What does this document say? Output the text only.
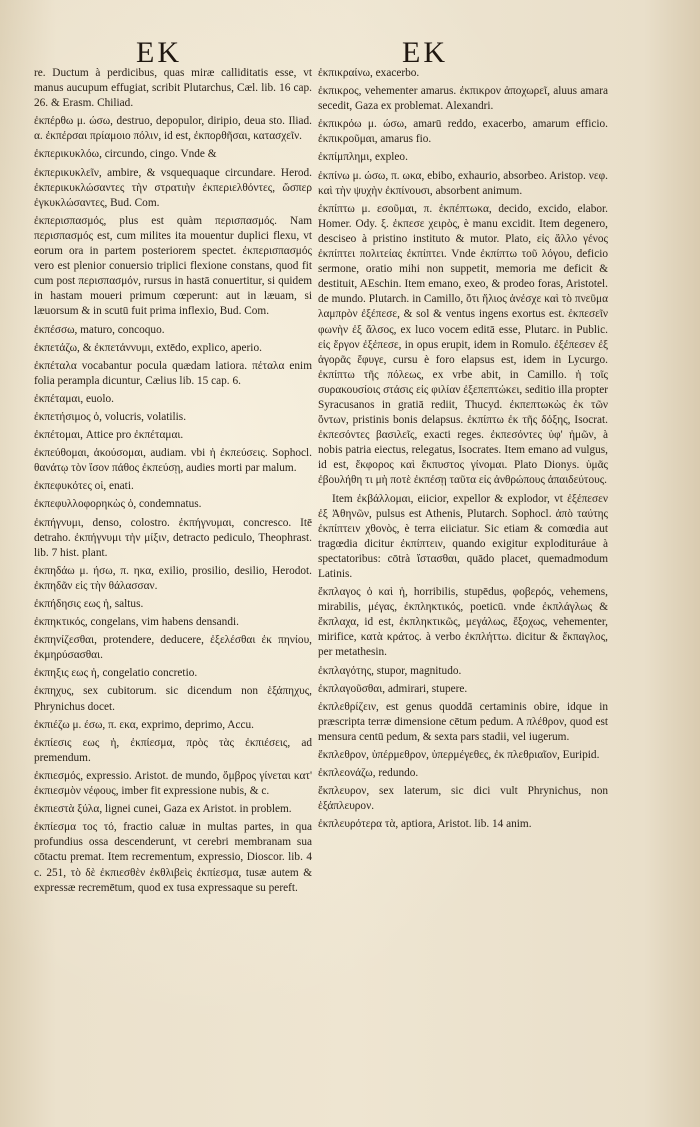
EK	EK

re. Ductum à perdicibus, quas miræ calliditatis esse, vt manus aucupum effugiat, scribit Plutarchus, Cæl. lib. 16 cap. 26. & Erasm. Chiliad.

ἐκπέρθω μ. ώσω, destruo, depopulor, diripio, deua sto. Iliad. α. ἐκπέρσαι πρίαμοιο πόλιν, id est, ἐκπορθῆσαι, κατασχεῖν.

ἐκπερικυκλόω, circundo, cingo. Vnde &

ἐκπερικυκλεῖν, ambire, & vsquequaque circundare. Herod. ἐκπερικυκλώσαντες τὴν στρατιὴν ἐκπεριελθόντες, ὥσπερ ἐγκυκλώσαντες, Bud. Com.

ἐκπερισπασμός, plus est quàm περισπασμός. Nam περισπασμός est, cum milites ita mouentur duplici flexu, vt eorum ora in partem posteriorem spectet. ἐκπερισπασμός vero est plenior conuersio triplici flexione constans, quod fit cum post περισπασμόν, rursus in hastā conuertitur, si quidem in hastam moueri primum cœperunt: aut in læuam, si læuorsum & in scutū fuit prima inflexio, Bud. Com.

ἐκπέσσω, maturo, concoquo.

ἐκπετάζω, & ἐκπετάννυμι, extēdo, explico, aperio.

ἐκπέταλα vocabantur pocula quædam latiora. πέταλα enim folia perampla dicuntur, Cælius lib. 15 cap. 6.

ἐκπέταμαι, euolo.

ἐκπετήσιμος ὁ, volucris, volatilis.

ἐκπέτομαι, Attice pro ἐκπέταμαι.

ἐκπεύθομαι, ἀκούσομαι, audiam. vbi ἡ ἐκπεύσεις. Sophocl. θανάτῳ τὸν ἴσον πάθος ἐκπεύσῃ, audies morti par malum.

ἐκπεφυκότες οἱ, enati.

ἐκπεφυλλοφορηκὼς ὁ, condemnatus.

ἐκπήγνυμι, denso, colostro. ἐκπήγνυμαι, concresco. Itē detraho. ἐκπήγνυμι τὴν μίξιν, detracto pediculo, Theophrast. lib. 7 hist. plant.

ἐκπηδάω μ. ήσω, π. ηκα, exilio, prosilio, desilio, Herodot. ἐκπηδᾶν εἰς τὴν θάλασσαν.

ἐκπήδησις εως ἡ, saltus.

ἐκπηκτικός, congelans, vim habens densandi.

ἐκπηνίζεσθαι, protendere, deducere, ἐξελέσθαι ἐκ πηνίου, ἐκμηρύσασθαι.

ἐκπηξις εως ἡ, congelatio concretio.

ἐκπηχυς, sex cubitorum. sic dicendum non ἑξάπηχυς, Phrynichus docet.

ἐκπιέζω μ. έσω, π. εκα, exprimo, deprimo, Accu.

ἐκπίεσις εως ἡ, ἐκπίεσμα, πρὸς τὰς ἐκπιέσεις, ad premendum.

ἐκπιεσμός, expressio. Aristot. de mundo, ὄμβρος γίνεται κατ' ἐκπιεσμὸν νέφους, imber fit expressione nubis, & c.

ἐκπιεστὰ ξύλα, lignei cunei, Gaza ex Aristot. in problem.

ἐκπίεσμα τος τό, fractio caluæ in multas partes, in qua profundius ossa descenderunt, vt cerebri membranam sua cōtactu premat. Item recrementum, expressio, Dioscor. lib. 4 c. 251, τὸ δὲ ἐκπιεσθὲν ἐκθλιβεὶς ἐκπίεσμα, tusæ autem & expressæ recremētum, quod ex tusa expressaque su pereft.

ἐκπικραίνω, exacerbo.

ἐκπικρος, vehementer amarus. ἐκπικρον ἀποχωρεῖ, aluus amara secedit, Gaza ex problemat. Alexandri.

ἐκπικρόω μ. ώσω, amarū reddo, exacerbo, amarum efficio. ἐκπικροῦμαι, amarus fio.

ἐκπίμπλημι, expleo.

ἐκπίνω μ. ώσω, π. ωκα, ebibo, exhaurio, absorbeo. Aristop. νεφ. καὶ τὴν ψυχὴν ἐκπίνουσι, absorbent animum.

ἐκπίπτω μ. εσοῦμαι, π. ἐκπέπτωκα, decido, excido, elabor. Homer. Ody. ξ. ἐκπεσε χειρὸς, è manu excidit. Item degenero, desciseo à pristino instituto & mutor. Plato, εἰς ἄλλο γένος ἐκπίπτει πολιτείας ἐκπίπτει. Vnde ἐκπίπτω τοῦ λόγου, deficio sermone, oratio mihi non suppetit, memoria me deficit & destituit, AEschin. Item emano, exeo, & prodeo foras, Aristotel. de mundo. Plutarch. in Camillo, ὅτι ἥλιος ἀνέσχε καὶ τὸ πνεῦμα λαμπρὸν ἐξέπεσε, & sol & ventus ingens exortus est. ἐκπεσεῖν φωνὴν ἐξ ἄλσος, ex luco vocem editā esse, Plutarc. in Public. εἰς ἔργον ἐξέπεσε, in opus erupit, idem in Romulo. ἐξέπεσεν ἐξ ἀγορᾶς ἔφυγε, cursu è foro elapsus est, idem in Lycurgo. ἐκπίπτω τῆς πόλεως, ex vrbe abit, in Camillo. ἡ τοῖς συρακουσίοις στάσις εἰς φιλίαν ἐξεπεπτώκει, seditio illa propter Syracusanos in gratiā rediit, Thucyd. ἐκπεπτωκὼς ἐκ τῶν ὄντων, pristinis bonis delapsus. ἐκπίπτω ἐκ τῆς δόξης, Isocrat. ἐκπεσόντες βασιλεῖς, exacti reges. ἐκπεσόντες ὑφ' ἡμῶν, à nobis patria eiectus, relegatus, Isocrates. Item emano ad vulgus, id est, ἔκφορος καὶ ἔκπυστος γίνομαι. Plato Dionys. ὑμᾶς ἐβουλήθη τι μὴ ποτὲ ἐκπέσῃ ταῦτα εἰς ἀνθρώπους ἀπαιδεύτους.

Item ἐκβάλλομαι, eiicior, expellor & explodor, vt ἐξέπεσεν ἐξ Ἀθηνῶν, pulsus est Athenis, Plutarch. Sophocl. ἀπὸ ταύτης ἐκπίπτειν χθονὸς, è terra eiiciatur. Sic etiam & comœdia aut tragœdia dicitur ἐκπίπτειν, quando exigitur explodituráue à spectatoribus: cōtrà ἵστασθαι, quādo placet, quemadmodum Latinis.

ἔκπλαγος ὁ καὶ ἡ, horribilis, stupēdus, φοβερός, vehemens, mirabilis, μέγας, ἐκπληκτικός, poeticū. vnde ἐκπλάγλως & ἔκπλαχα, id est, ἐκπληκτικῶς, μεγάλως, ἔξοχως, vehementer, mirifice, κατὰ κράτος. à verbo ἐκπλήττω. dicitur & ἔκπαγλος, per metathesin.

ἐκπλαγότης, stupor, magnitudo.

ἐκπλαγοῦσθαι, admirari, stupere.

ἐκπλεθρίζειν, est genus quoddā certaminis obire, idque in præscripta terræ dimensione cētum pedum. A πλέθρον, quod est mensura centū pedum, & sexta pars stadii, vel iugerum.

ἔκπλεθρον, ὑπέρμεθρον, ὑπερμέγεθες, ἐκ πλεθριαῖον, Euripid.

ἐκπλεονάζω, redundo.

ἔκπλευρον, sex laterum, sic dici vult Phrynichus, non ἑξάπλευρον.

ἐκπλευρότερα τὰ, aptiora, Aristot. lib. 14 anim.
